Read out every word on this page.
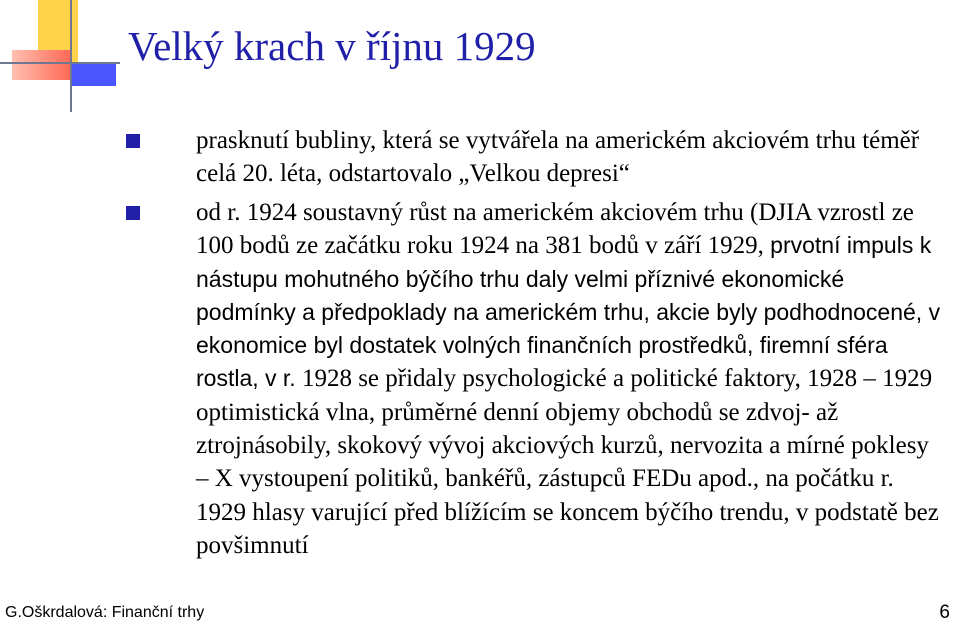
Velký krach v říjnu 1929
prasknutí bubliny, která se vytvářela na americkém akciovém trhu téměř celá 20. léta, odstartovalo „Velkou depresi“
od r. 1924 soustavný růst na americkém akciovém trhu (DJIA vzrostl ze 100 bodů ze začátku roku 1924 na 381 bodů v září 1929, prvotní impuls k nástupu mohutného býčího trhu daly velmi příznivé ekonomické podmínky a předpoklady na americkém trhu, akcie byly podhodnocené, v ekonomice byl dostatek volných finančních prostředků, firemní sféra rostla, v r. 1928 se přidaly psychologické a politické faktory, 1928 – 1929 optimistická vlna, průměrné denní objemy obchodů se zdvoj- až ztrojnásobily, skokový vývoj akciových kurzů, nervozita a mírné poklesy – X vystoupení politiků, bankéřů, zástupců FEDu apod., na počátku r. 1929 hlasy varující před blížícím se koncem býčího trendu, v podstatě bez povšimnutí
G.Oškrdalová: Finanční trhy	6
